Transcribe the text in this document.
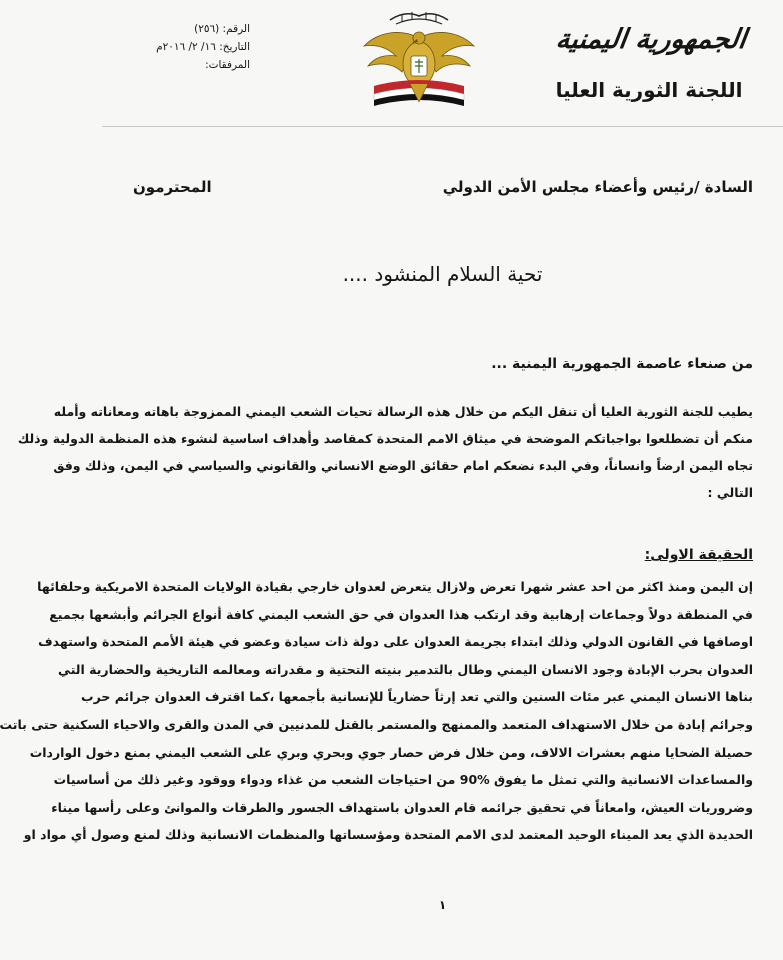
الجمهورية اليمنية
اللجنة الثورية العليا
الرقم: (٢٥٦)
التاريخ: ١٦/ ٢/ ٢٠١٦م
المرفقات:
السادة /رئيس وأعضاء مجلس الأمن الدولي
المحترمون
تحية السلام المنشود ....
من صنعاء عاصمة الجمهورية اليمنية ...
يطيب للجنة الثورية العليا أن تنقل اليكم من خلال هذه الرسالة تحيات الشعب اليمني الممزوجة باهاته ومعاناته وأمله
منكم أن تضطلعوا بواجباتكم الموضحة في ميثاق الامم المتحدة كمقاصد وأهداف اساسية لنشوء هذه المنظمة الدولية وذلك
تجاه اليمن ارضاً وانساناً، وفي البدء نضعكم امام حقائق الوضع الانساني والقانوني والسياسي في اليمن، وذلك وفق
التالي :
الحقيقة الاولى:
إن اليمن ومنذ اكثر من احد عشر شهرا تعرض ولازال يتعرض لعدوان خارجي بقيادة الولايات المتحدة الامريكية وحلفائها
في المنطقة دولاً وجماعات إرهابية وقد ارتكب هذا العدوان في حق الشعب اليمني كافة أنواع الجرائم وأبشعها بجميع
اوصافها في القانون الدولي وذلك ابتداء بجريمة العدوان على دولة ذات سيادة وعضو في هيئة الأمم المتحدة واستهدف
العدوان بحرب الإبادة وجود الانسان اليمني وطال بالتدمير بنيته التحتية و مقدراته ومعالمه التاريخية والحضارية التي
بناها الانسان اليمني عبر مئات السنين والتي تعد إرثاً حضارياً للإنسانية بأجمعها ،كما اقترف العدوان جرائم حرب
وجرائم إبادة من خلال الاستهداف المتعمد والممنهج والمستمر بالقتل للمدنيين في المدن والقرى والاحياء السكنية حتى باتت
حصيلة الضحايا منهم بعشرات الالاف، ومن خلال فرض حصار جوي وبحري وبري على الشعب اليمني بمنع دخول الواردات
والمساعدات الانسانية والتي تمثل ما يفوق %90 من احتياجات الشعب من غذاء ودواء ووقود وغير ذلك من أساسيات
وضروريات العيش، وامعاناً في تحقيق جرائمه قام العدوان باستهداف الجسور والطرقات والموانئ وعلى رأسها ميناء
الحديدة الذي يعد الميناء الوحيد المعتمد لدى الامم المتحدة ومؤسساتها والمنظمات الانسانية وذلك لمنع وصول أي مواد او
١
